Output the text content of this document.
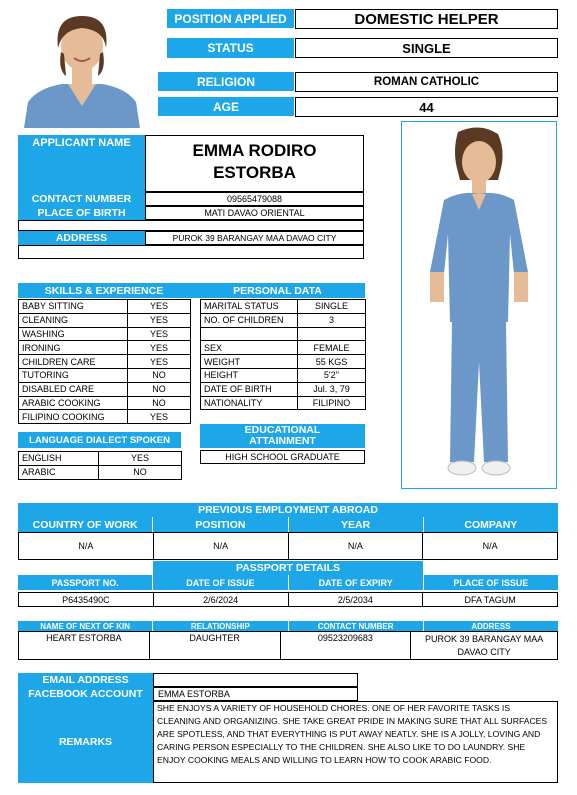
POSITION APPLIED	DOMESTIC HELPER
STATUS	SINGLE
RELIGION	ROMAN CATHOLIC
AGE	44
APPLICANT NAME	EMMA RODIRO
ESTORBA
CONTACT NUMBER	09565479088
PLACE OF BIRTH	MATI DAVAO ORIENTAL
ADDRESS	PUROK 39 BARANGAY MAA DAVAO CITY
SKILLS & EXPERIENCE
BABY SITTING	YES
CLEANING	YES
WASHING	YES
IRONING	YES
CHILDREN CARE	YES
TUTORING	NO
DISABLED CARE	NO
ARABIC COOKING	NO
FILIPINO COOKING	YES
PERSONAL DATA
MARITAL STATUS	SINGLE
NO. OF CHILDREN	3

SEX	FEMALE
WEIGHT	55 KGS
HEIGHT	5'2''
DATE OF BIRTH	Jul. 3, 79
NATIONALITY	FILIPINO
LANGUAGE DIALECT SPOKEN
ENGLISH	YES
ARABIC	NO
EDUCATIONAL ATTAINMENT
HIGH SCHOOL GRADUATE
PREVIOUS EMPLOYMENT ABROAD
COUNTRY OF WORK	POSITION	YEAR	COMPANY
N/A	N/A	N/A	N/A
PASSPORT DETAILS
PASSPORT NO.	DATE OF ISSUE	DATE OF EXPIRY	PLACE OF ISSUE
P6435490C	2/6/2024	2/5/2034	DFA TAGUM
NAME OF NEXT OF KIN	RELATIONSHIP	CONTACT NUMBER	ADDRESS
HEART ESTORBA	DAUGHTER	09523209683	PUROK 39 BARANGAY MAA DAVAO CITY
EMAIL ADDRESS
FACEBOOK ACCOUNT	EMMA ESTORBA
REMARKS
SHE ENJOYS A VARIETY OF HOUSEHOLD CHORES. ONE OF HER FAVORITE TASKS IS CLEANING AND ORGANIZING. SHE TAKE GREAT PRIDE IN MAKING SURE THAT ALL SURFACES ARE SPOTLESS, AND THAT EVERYTHING IS PUT AWAY NEATLY. SHE IS A JOLLY, LOVING AND CARING PERSON ESPECIALLY TO THE CHILDREN. SHE ALSO LIKE TO DO LAUNDRY. SHE ENJOY COOKING MEALS AND WILLING TO LEARN HOW TO COOK ARABIC FOOD.
